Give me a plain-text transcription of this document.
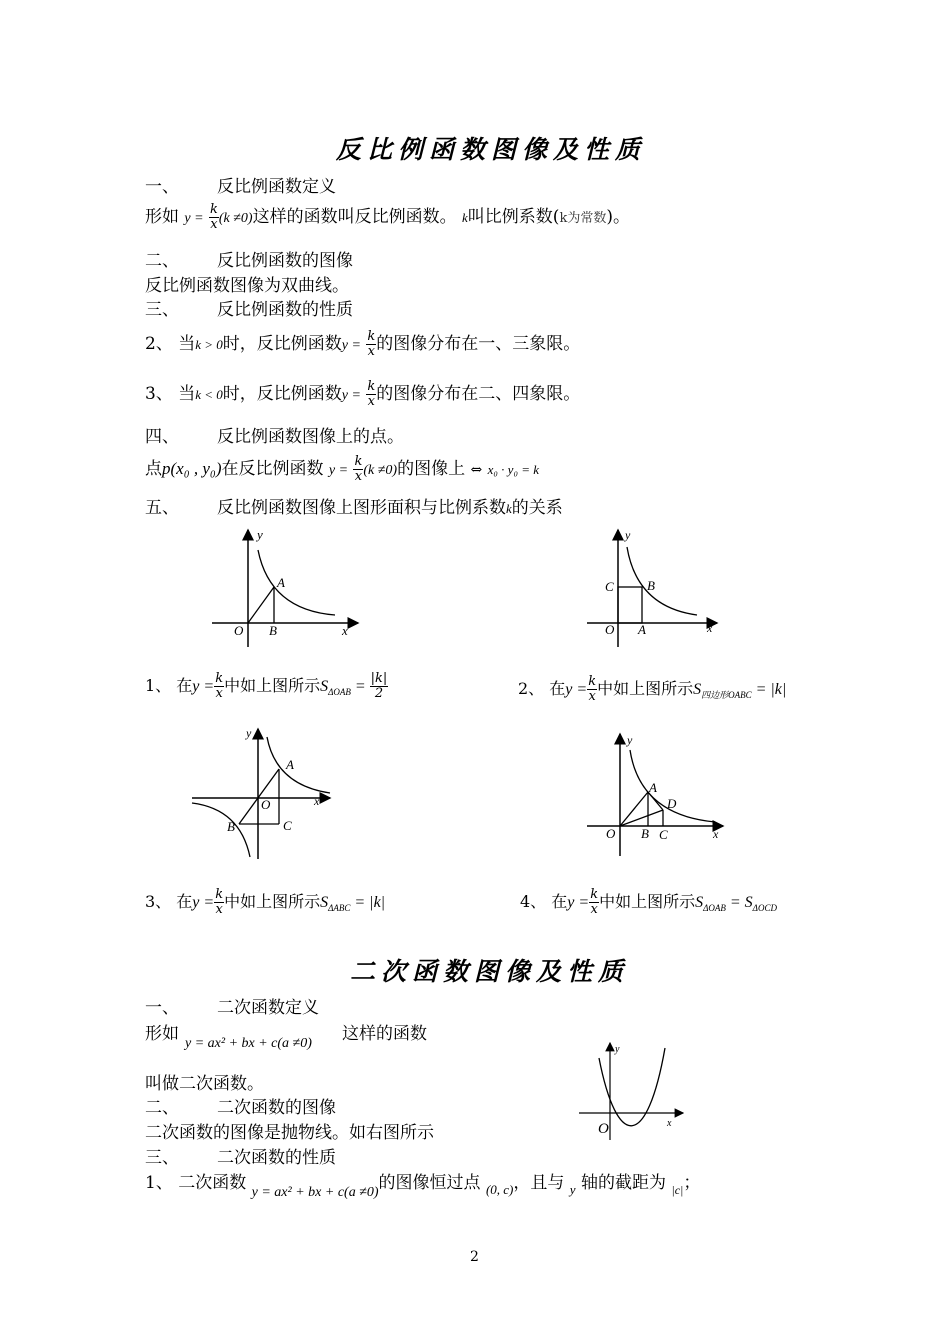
反比例函数图像及性质
一、 反比例函数定义
形如 $y = \frac{k}{x} (k \ne 0)$这样的函数叫反比例函数。 k叫比例系数(k为常数)。
二、 反比例函数的图像
反比例函数图像为双曲线。
三、 反比例函数的性质
2、 当k > 0时，反比例函数$y = \frac{k}{x}$ 的图像分布在一、三象限。
3、 当k < 0时，反比例函数$y = \frac{k}{x}$ 的图像分布在二、四象限。
四、 反比例函数图像上的点。
点p(x₀ , y₀)在反比例函数 $y = \frac{k}{x} (k \ne 0)$的图像上 ⇔ x₀ · y₀ = k
五、 反比例函数图像上图形面积与比例系数k的关系
y
x
O
A
B
y
x
O
C	B
A
1、 在$y = \frac{k}{x}$ 中如上图所示$S_{\Delta OAB} = \frac{|k|}{2}$	2、 在$y = \frac{k}{x}$ 中如上图所示$S_{四边形OABC} = |k|$
y
x
O
A
B	C
y
x
O
A
D
B C
3、 在$y = \frac{k}{x}$ 中如上图所示$S_{\Delta ABC} = |k|$	4、 在$y = \frac{k}{x}$ 中如上图所示$S_{\Delta OAB} = S_{\Delta OCD}$
二次函数图像及性质
一、 二次函数定义
形如 y = ax² + bx + c(a ≠0) 这样的函数
叫做二次函数。
二、 二次函数的图像
二次函数的图像是抛物线。如右图所示
三、 二次函数的性质
y
x
O
1、 二次函数 $_{y = ax^2 + bx + c(a \ne 0)}$的图像恒过点 $_{(0, c)}$，且与 $_y$ 轴的截距为 $_{|c|}$；
2
